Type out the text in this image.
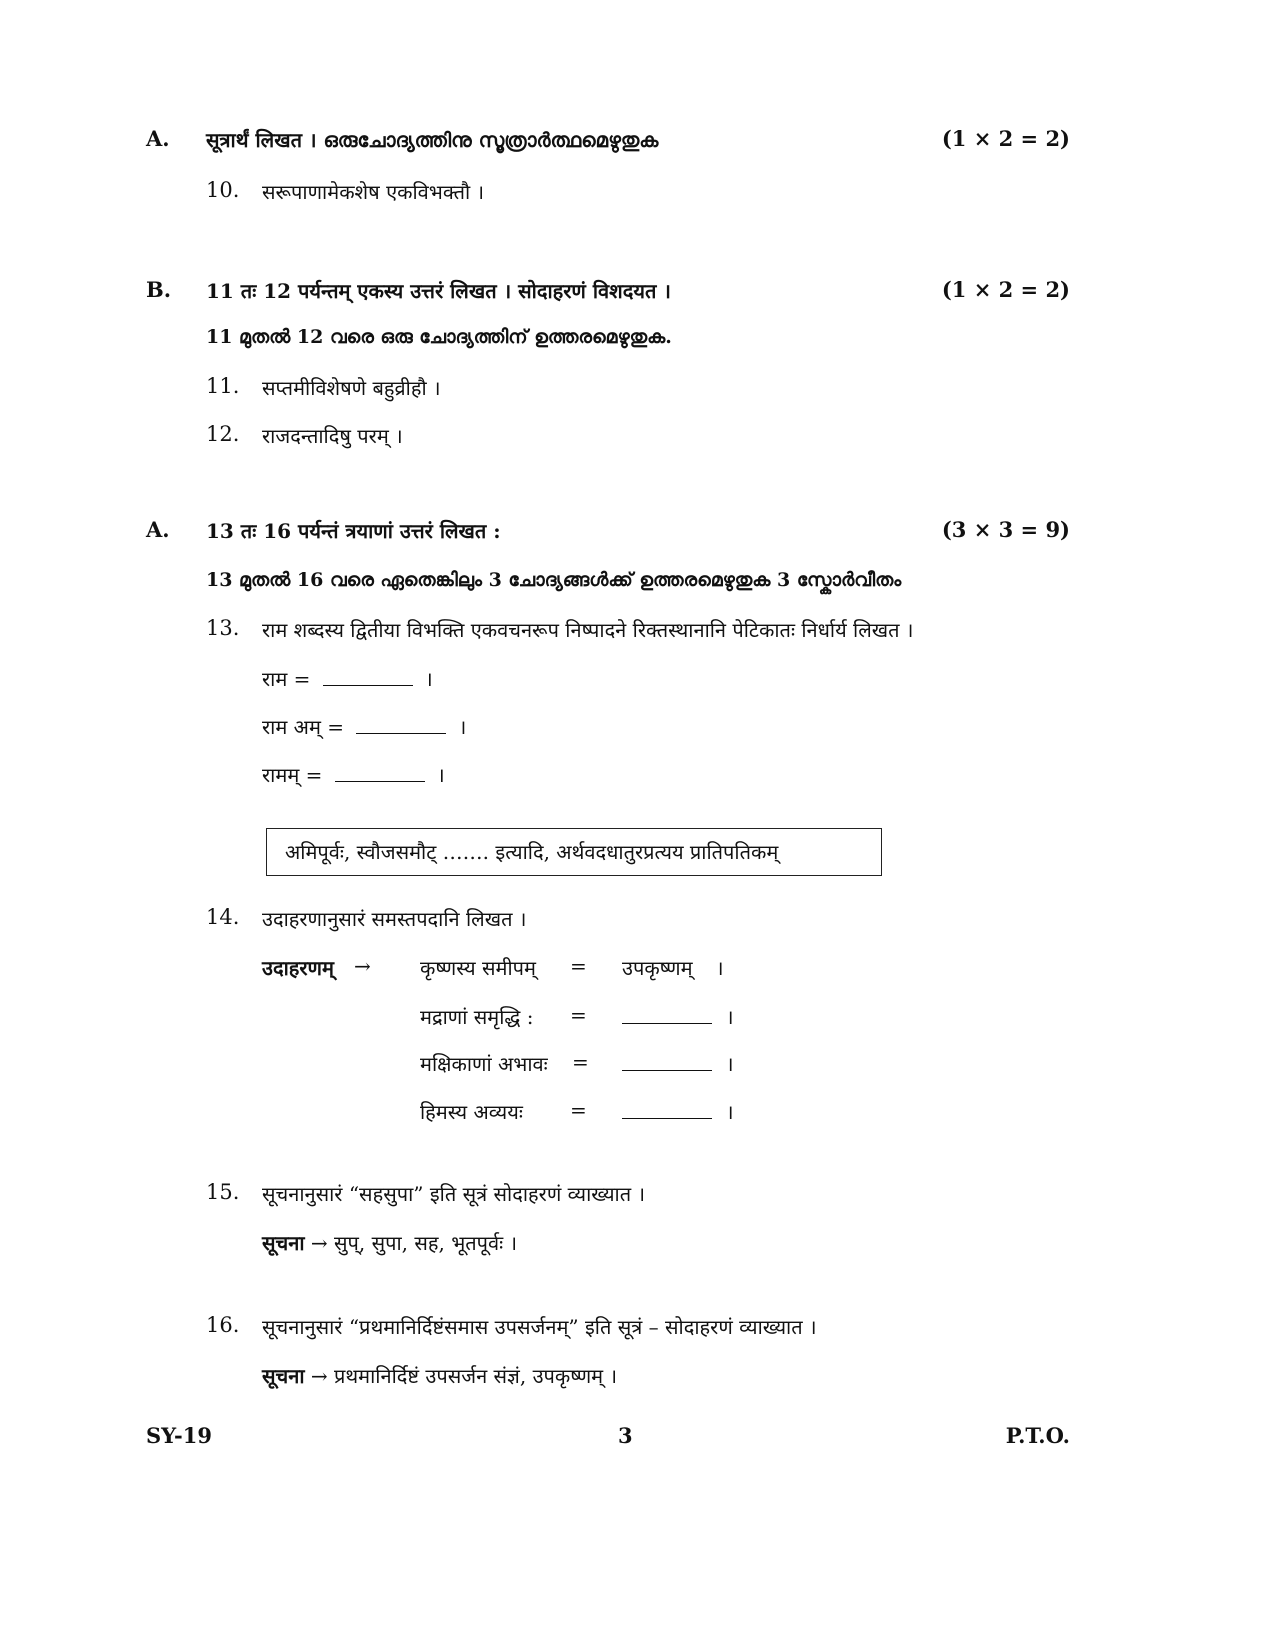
A. सूत्रार्थं लिखत । ഒരുചോദ്യത്തിനു സൂത്രാർത്ഥമെഴുതുക	(1 × 2 = 2)
10. सरूपाणामेकशेष एकविभक्तौ ।
B. 11 तः 12 पर्यन्तम् एकस्य उत्तरं लिखत । सोदाहरणं विशदयत ।	(1 × 2 = 2)
11 മുതൽ 12 വരെ ഒരു ചോദ്യത്തിന് ഉത്തരമെഴുതുക.
11. सप्तमीविशेषणे बहुव्रीहौ ।
12. राजदन्तादिषु परम् ।
A. 13 तः 16 पर्यन्तं त्रयाणां उत्तरं लिखत :	(3 × 3 = 9)
13 മുതൽ 16 വരെ ഏതെങ്കിലും 3 ചോദ്യങ്ങൾക്ക് ഉത്തരമെഴുതുക 3 സ്കോർവീതം
13. राम शब्दस्य द्वितीया विभक्ति एकवचनरूप निष्पादने रिक्तस्थानानि पेटिकातः निर्धार्य लिखत ।
राम =	।
राम अम् =	।
रामम् =	।
अमिपूर्वः, स्वौजसमौट् ……. इत्यादि, अर्थवदधातुरप्रत्यय प्रातिपतिकम्
14. उदाहरणानुसारं समस्तपदानि लिखत ।
उदाहरणम् → कृष्णस्य समीपम् = उपकृष्णम् ।
मद्राणां समृद्धि : =	।
मक्षिकाणां अभावः =	।
हिमस्य अव्ययः =	।
15. सूचनानुसारं “सहसुपा” इति सूत्रं सोदाहरणं व्याख्यात ।
सूचना → सुप्, सुपा, सह, भूतपूर्वः ।
16. सूचनानुसारं “प्रथमानिर्दिष्टंसमास उपसर्जनम्” इति सूत्रं – सोदाहरणं व्याख्यात ।
सूचना → प्रथमानिर्दिष्टं उपसर्जन संज्ञं, उपकृष्णम् ।
SY-19	3	P.T.O.
